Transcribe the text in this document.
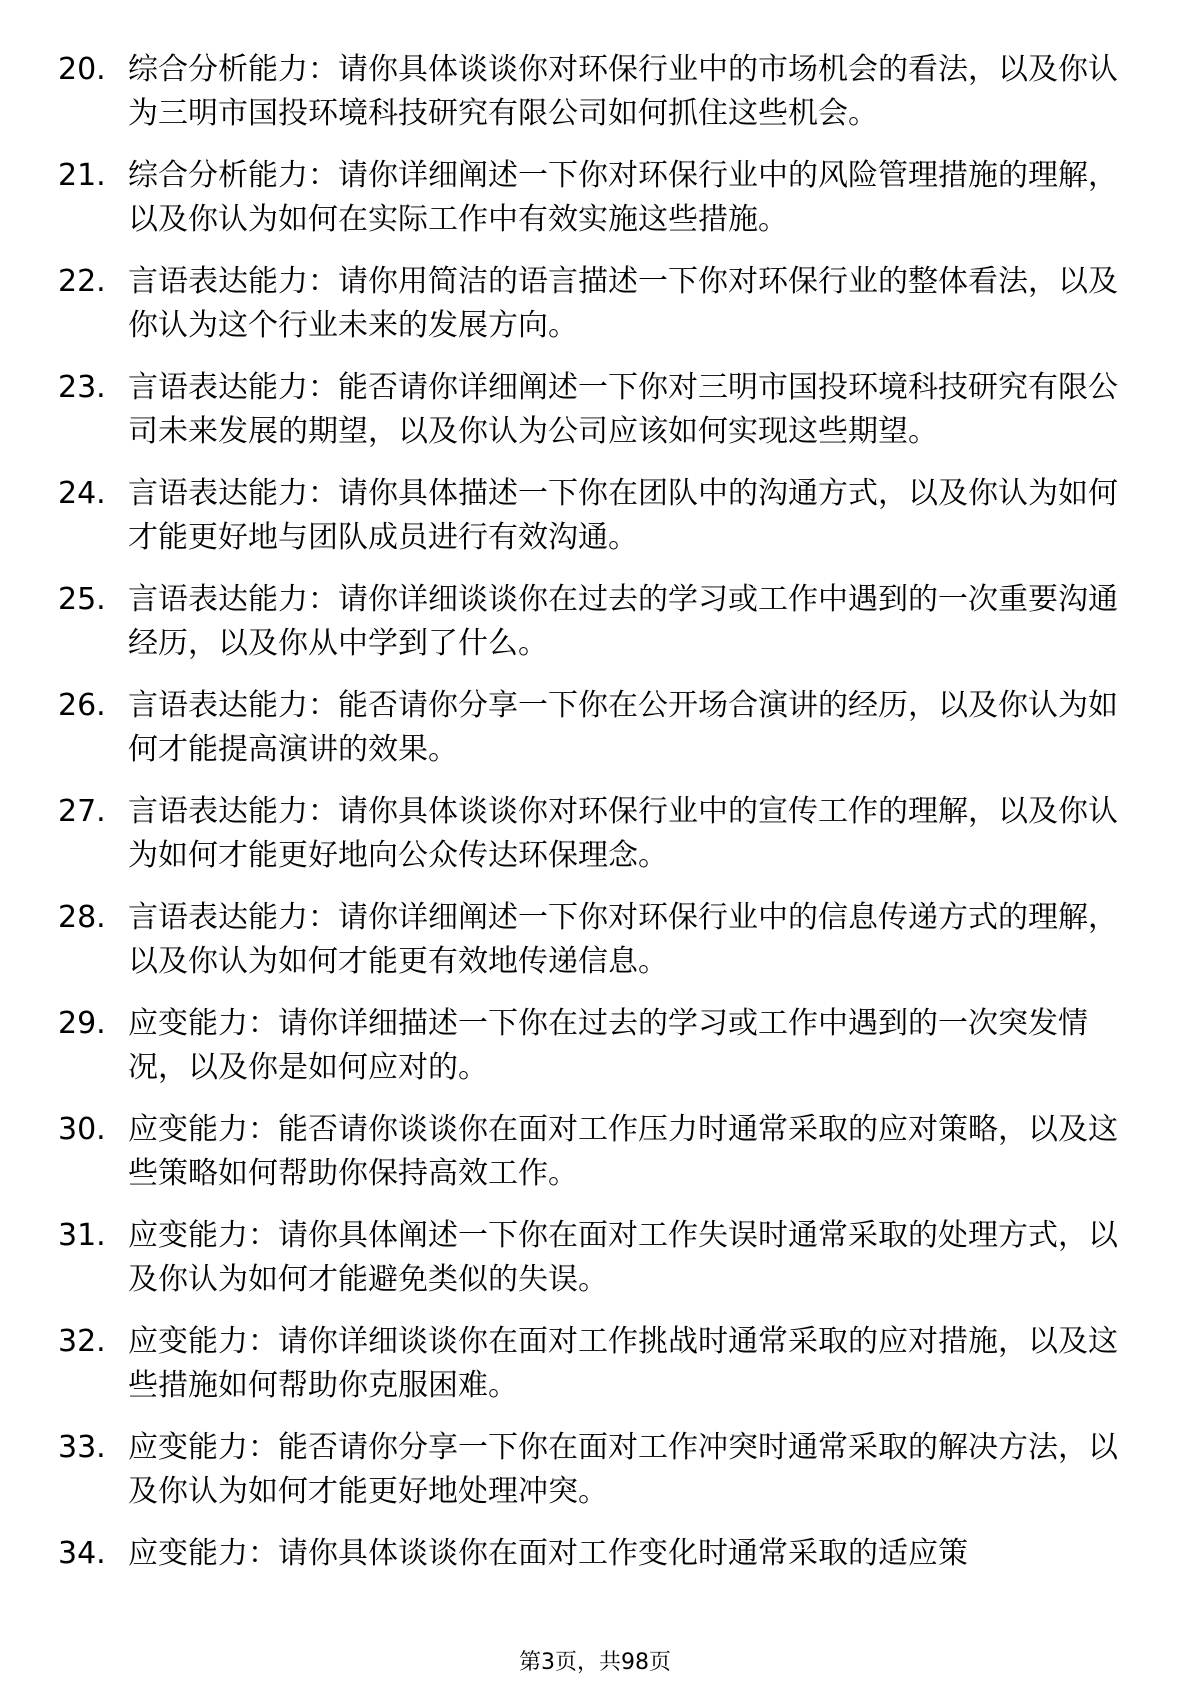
20. 综合分析能力：请你具体谈谈你对环保行业中的市场机会的看法，以及你认为三明市国投环境科技研究有限公司如何抓住这些机会。
21. 综合分析能力：请你详细阐述一下你对环保行业中的风险管理措施的理解，以及你认为如何在实际工作中有效实施这些措施。
22. 言语表达能力：请你用简洁的语言描述一下你对环保行业的整体看法，以及你认为这个行业未来的发展方向。
23. 言语表达能力：能否请你详细阐述一下你对三明市国投环境科技研究有限公司未来发展的期望，以及你认为公司应该如何实现这些期望。
24. 言语表达能力：请你具体描述一下你在团队中的沟通方式，以及你认为如何才能更好地与团队成员进行有效沟通。
25. 言语表达能力：请你详细谈谈你在过去的学习或工作中遇到的一次重要沟通经历，以及你从中学到了什么。
26. 言语表达能力：能否请你分享一下你在公开场合演讲的经历，以及你认为如何才能提高演讲的效果。
27. 言语表达能力：请你具体谈谈你对环保行业中的宣传工作的理解，以及你认为如何才能更好地向公众传达环保理念。
28. 言语表达能力：请你详细阐述一下你对环保行业中的信息传递方式的理解，以及你认为如何才能更有效地传递信息。
29. 应变能力：请你详细描述一下你在过去的学习或工作中遇到的一次突发情况，以及你是如何应对的。
30. 应变能力：能否请你谈谈你在面对工作压力时通常采取的应对策略，以及这些策略如何帮助你保持高效工作。
31. 应变能力：请你具体阐述一下你在面对工作失误时通常采取的处理方式，以及你认为如何才能避免类似的失误。
32. 应变能力：请你详细谈谈你在面对工作挑战时通常采取的应对措施，以及这些措施如何帮助你克服困难。
33. 应变能力：能否请你分享一下你在面对工作冲突时通常采取的解决方法，以及你认为如何才能更好地处理冲突。
34. 应变能力：请你具体谈谈你在面对工作变化时通常采取的适应策
第3页，共98页
